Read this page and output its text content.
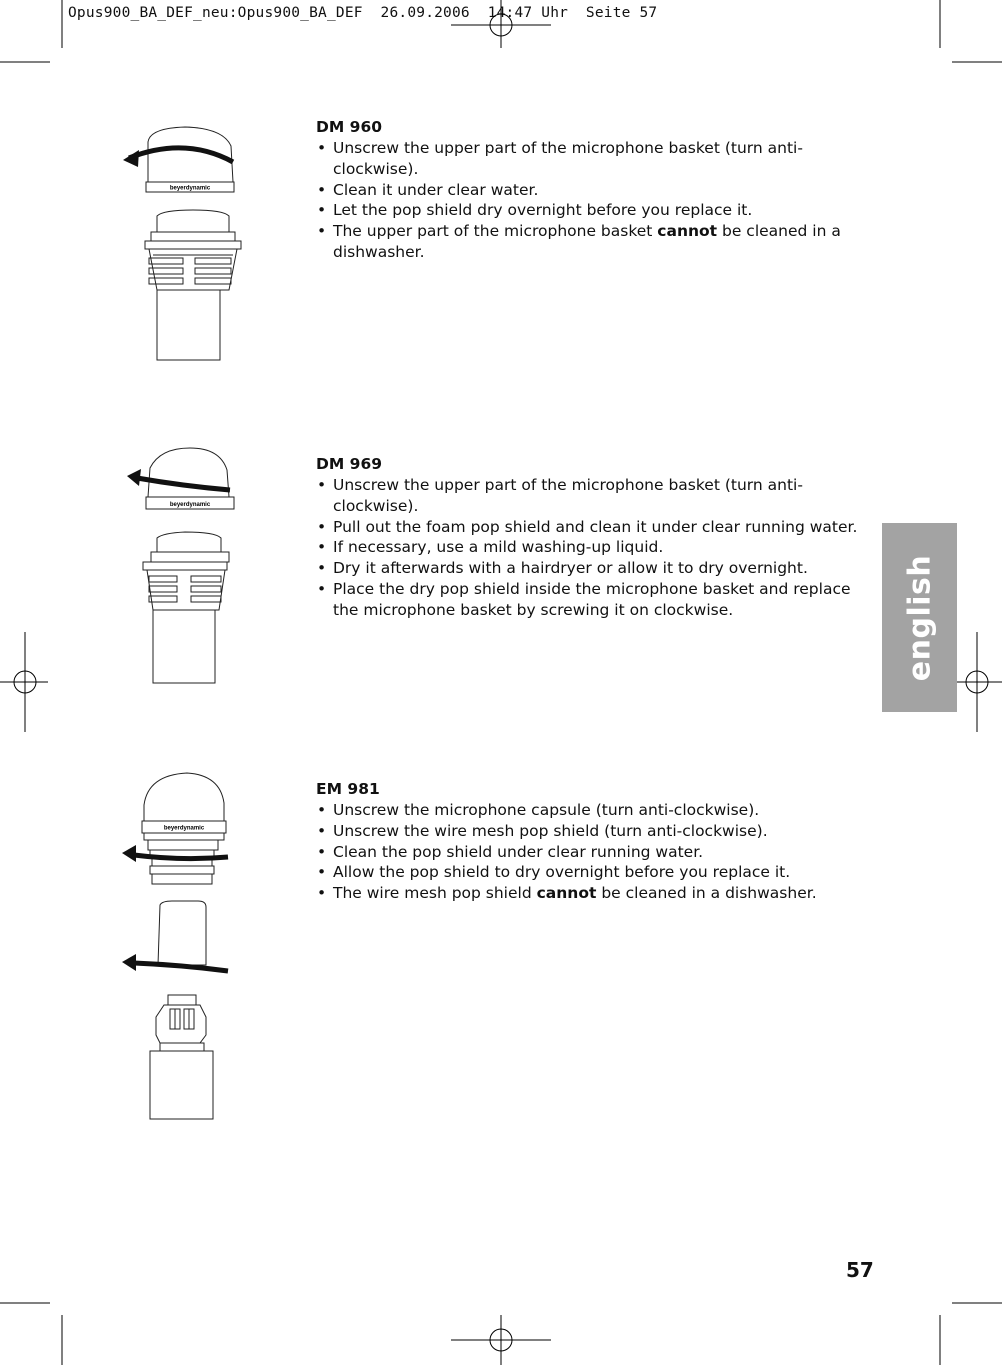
Opus900_BA_DEF_neu:Opus900_BA_DEF  26.09.2006  14:47 Uhr  Seite 57
beyerdynamic
beyerdynamic
beyerdynamic
DM 960
• Unscrew the upper part of the microphone basket (turn anti-clockwise).
• Clean it under clear water.
• Let the pop shield dry overnight before you replace it.
• The upper part of the microphone basket cannot be cleaned in a dishwasher.
DM 969
• Unscrew the upper part of the microphone basket (turn anti-clockwise).
• Pull out the foam pop shield and clean it under clear running water.
• If necessary, use a mild washing-up liquid.
• Dry it afterwards with a hairdryer or allow it to dry overnight.
• Place the dry pop shield inside the microphone basket and replace the microphone basket by screwing it on clockwise.
EM 981
• Unscrew the microphone capsule (turn anti-clockwise).
• Unscrew the wire mesh pop shield (turn anti-clockwise).
• Clean the pop shield under clear running water.
• Allow the pop shield to dry overnight before you replace it.
• The wire mesh pop shield cannot be cleaned in a dishwasher.
english
57
